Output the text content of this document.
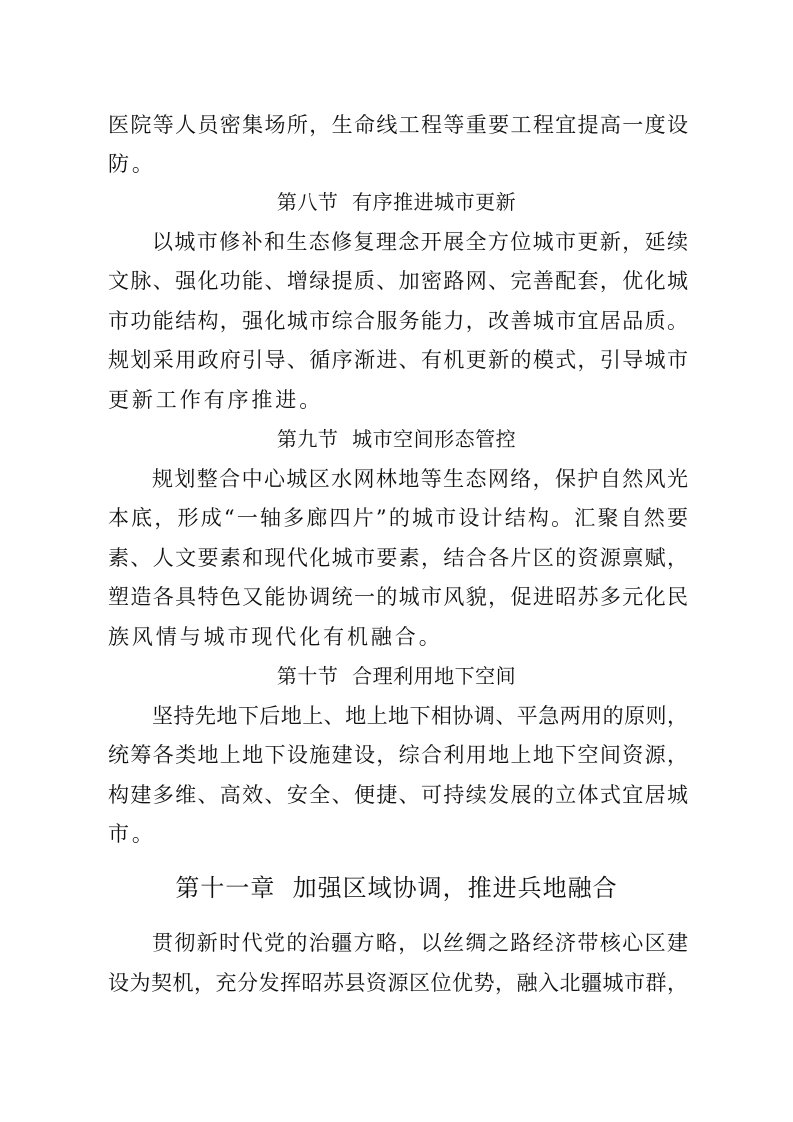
医院等人员密集场所，生命线工程等重要工程宜提高一度设
防。
第八节  有序推进城市更新
以城市修补和生态修复理念开展全方位城市更新，延续
文脉、强化功能、增绿提质、加密路网、完善配套，优化城
市功能结构，强化城市综合服务能力，改善城市宜居品质。
规划采用政府引导、循序渐进、有机更新的模式，引导城市
更新工作有序推进。
第九节  城市空间形态管控
规划整合中心城区水网林地等生态网络，保护自然风光
本底，形成“一轴多廊四片”的城市设计结构。汇聚自然要
素、人文要素和现代化城市要素，结合各片区的资源禀赋，
塑造各具特色又能协调统一的城市风貌，促进昭苏多元化民
族风情与城市现代化有机融合。
第十节  合理利用地下空间
坚持先地下后地上、地上地下相协调、平急两用的原则，
统筹各类地上地下设施建设，综合利用地上地下空间资源，
构建多维、高效、安全、便捷、可持续发展的立体式宜居城
市。
第十一章  加强区域协调，推进兵地融合
贯彻新时代党的治疆方略，以丝绸之路经济带核心区建
设为契机，充分发挥昭苏县资源区位优势，融入北疆城市群，
